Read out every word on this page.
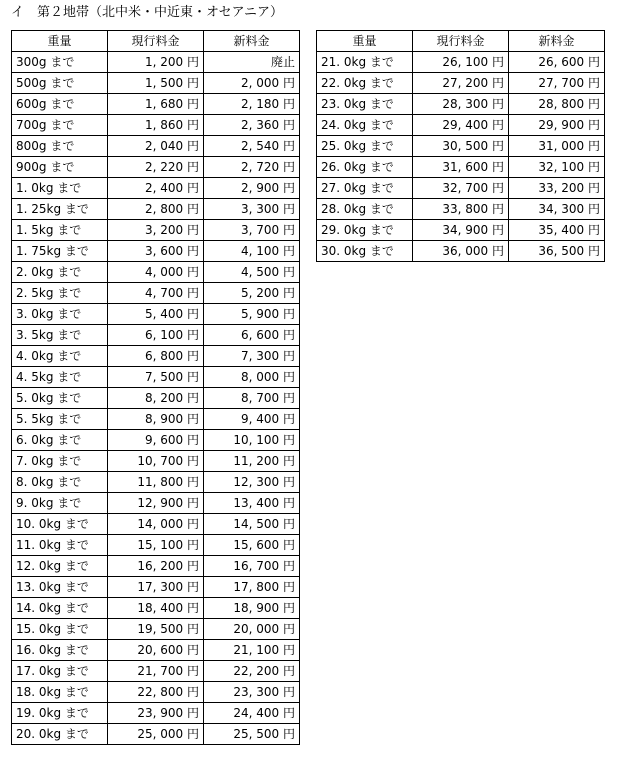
イ　第２地帯（北中米・中近東・オセアニア）
重量	現行料金	新料金
300g まで	1, 200 円	廃止
500g まで	1, 500 円	2, 000 円
600g まで	1, 680 円	2, 180 円
700g まで	1, 860 円	2, 360 円
800g まで	2, 040 円	2, 540 円
900g まで	2, 220 円	2, 720 円
1. 0kg まで	2, 400 円	2, 900 円
1. 25kg まで	2, 800 円	3, 300 円
1. 5kg まで	3, 200 円	3, 700 円
1. 75kg まで	3, 600 円	4, 100 円
2. 0kg まで	4, 000 円	4, 500 円
2. 5kg まで	4, 700 円	5, 200 円
3. 0kg まで	5, 400 円	5, 900 円
3. 5kg まで	6, 100 円	6, 600 円
4. 0kg まで	6, 800 円	7, 300 円
4. 5kg まで	7, 500 円	8, 000 円
5. 0kg まで	8, 200 円	8, 700 円
5. 5kg まで	8, 900 円	9, 400 円
6. 0kg まで	9, 600 円	10, 100 円
7. 0kg まで	10, 700 円	11, 200 円
8. 0kg まで	11, 800 円	12, 300 円
9. 0kg まで	12, 900 円	13, 400 円
10. 0kg まで	14, 000 円	14, 500 円
11. 0kg まで	15, 100 円	15, 600 円
12. 0kg まで	16, 200 円	16, 700 円
13. 0kg まで	17, 300 円	17, 800 円
14. 0kg まで	18, 400 円	18, 900 円
15. 0kg まで	19, 500 円	20, 000 円
16. 0kg まで	20, 600 円	21, 100 円
17. 0kg まで	21, 700 円	22, 200 円
18. 0kg まで	22, 800 円	23, 300 円
19. 0kg まで	23, 900 円	24, 400 円
20. 0kg まで	25, 000 円	25, 500 円
重量	現行料金	新料金
21. 0kg まで	26, 100 円	26, 600 円
22. 0kg まで	27, 200 円	27, 700 円
23. 0kg まで	28, 300 円	28, 800 円
24. 0kg まで	29, 400 円	29, 900 円
25. 0kg まで	30, 500 円	31, 000 円
26. 0kg まで	31, 600 円	32, 100 円
27. 0kg まで	32, 700 円	33, 200 円
28. 0kg まで	33, 800 円	34, 300 円
29. 0kg まで	34, 900 円	35, 400 円
30. 0kg まで	36, 000 円	36, 500 円
